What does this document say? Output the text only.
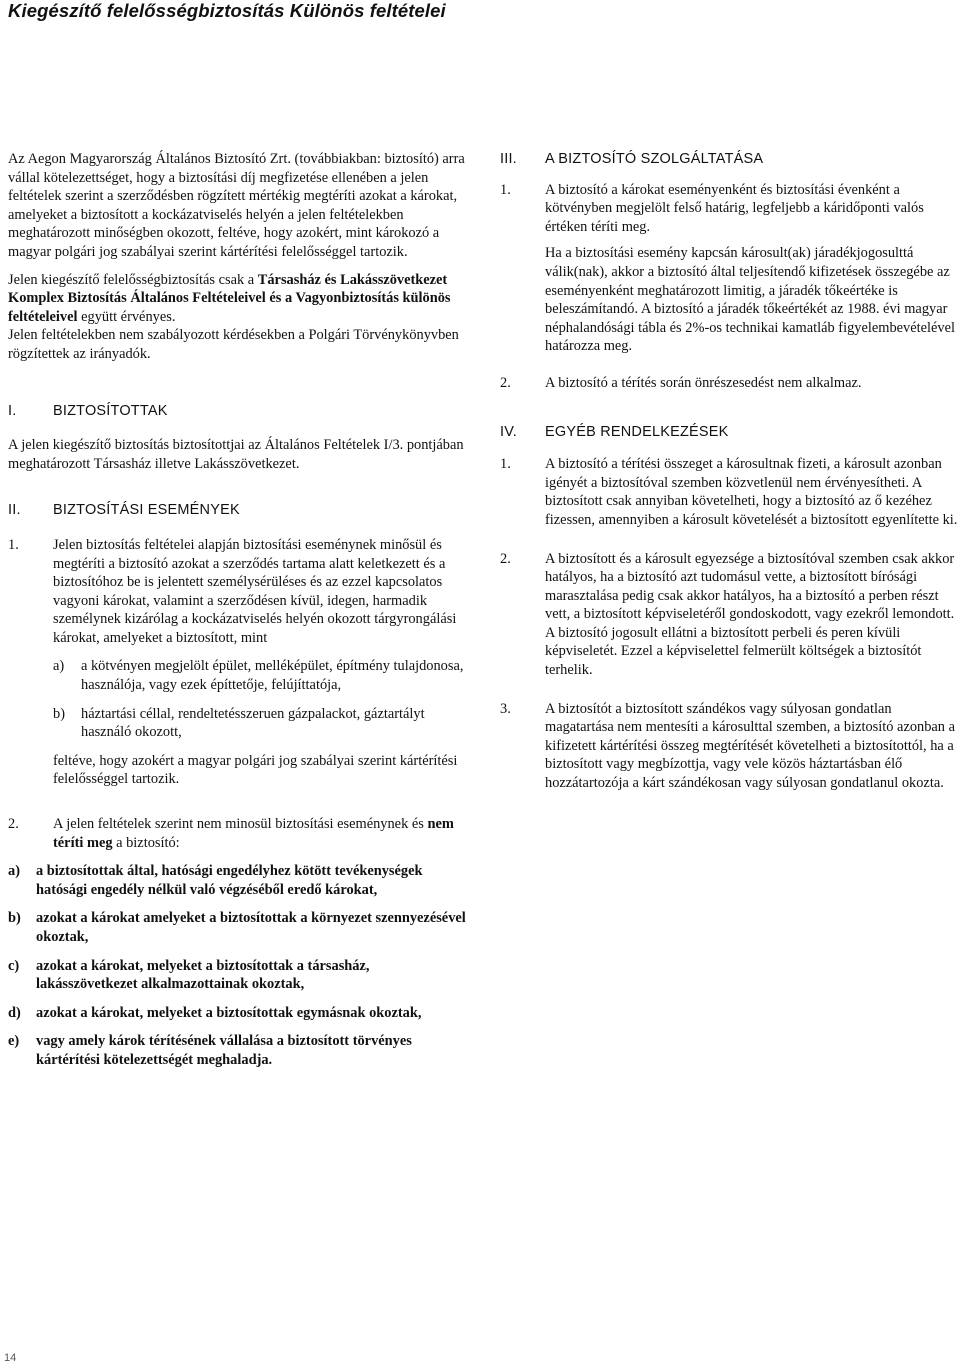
Kiegészítő felelősségbiztosítás Különös feltételei

Az Aegon Magyarország Általános Biztosító Zrt. (továbbiakban: biztosító) arra vállal kötelezettséget, hogy a biztosítási díj megfizetése ellenében a jelen feltételek szerint a szerződésben rögzített mértékig megtéríti azokat a károkat, amelyeket a biztosított a kockázatviselés helyén a jelen feltételekben meghatározott minőségben okozott, feltéve, hogy azokért, mint károkozó a magyar polgári jog szabályai szerint kártérítési felelősséggel tartozik.

Jelen kiegészítő felelősségbiztosítás csak a Társasház és Lakásszövetkezet Komplex Biztosítás Általános Feltételeivel és a Vagyonbiztosítás különös feltételeivel együtt érvényes.

Jelen feltételekben nem szabályozott kérdésekben a Polgári Törvénykönyvben rögzítettek az irányadók.

I.	BIZTOSÍTOTTAK

A jelen kiegészítő biztosítás biztosítottjai az Általános Feltételek I/3. pontjában meghatározott Társasház illetve Lakásszövetkezet.

II.	BIZTOSÍTÁSI ESEMÉNYEK
1.	Jelen biztosítás feltételei alapján biztosítási eseménynek minősül és megtéríti a biztosító azokat a szerződés tartama alatt keletkezett és a biztosítóhoz be is jelentett személysérüléses és az ezzel kapcsolatos vagyoni károkat, valamint a szerződésen kívül, idegen, harmadik személynek kizárólag a kockázatviselés helyén okozott tárgyrongálási károkat, amelyeket a biztosított, mint

a)	a kötvényen megjelölt épület, melléképület, építmény tulajdonosa, használója, vagy ezek építtetője, felújíttatója,
b)	háztartási céllal, rendeltetésszeruen gázpalackot, gáztartályt használó okozott,

feltéve, hogy azokért a magyar polgári jog szabályai szerint kártérítési felelősséggel tartozik.

2.	A jelen feltételek szerint nem minosül biztosítási eseménynek és nem téríti meg a biztosító:

a)	a biztosítottak által, hatósági engedélyhez kötött tevékenységek hatósági engedély nélkül való végzéséből eredő károkat,
b)	azokat a károkat amelyeket a biztosítottak a környezet szennyezésével okoztak,
c)	azokat a károkat, melyeket a biztosítottak a társasház, lakásszövetkezet alkalmazottainak okoztak,
d)	azokat a károkat, melyeket a biztosítottak egymásnak okoztak,
e)	vagy amely károk térítésének vállalása a biztosított törvényes kártérítési kötelezettségét meghaladja.
III.	A BIZTOSÍTÓ SZOLGÁLTATÁSA
1.	A biztosító a károkat eseményenként és biztosítási évenként a kötvényben megjelölt felső határig, legfeljebb a káridőponti valós értéken téríti meg.

Ha a biztosítási esemény kapcsán károsult(ak) járadékjogosulttá válik(nak), akkor a biztosító által teljesítendő kifizetések összegébe az eseményenként meghatározott limitig, a járadék tőkeértéke is beleszámítandó. A biztosító a járadék tőkeértékét az 1988. évi magyar néphalandósági tábla és 2%-os technikai kamatláb figyelembevételével határozza meg.

2.	A biztosító a térítés során önrészesedést nem alkalmaz.
IV.	EGYÉB RENDELKEZÉSEK
1.	A biztosító a térítési összeget a károsultnak fizeti, a károsult azonban igényét a biztosítóval szemben közvetlenül nem érvényesítheti. A biztosított csak annyiban követelheti, hogy a biztosító az ő kezéhez fizessen, amennyiben a károsult követelését a biztosított egyenlítette ki.
2.	A biztosított és a károsult egyezsége a biztosítóval szemben csak akkor hatályos, ha a biztosító azt tudomásul vette, a biztosított bírósági marasztalása pedig csak akkor hatályos, ha a biztosító a perben részt vett, a biztosított képviseletéről gondoskodott, vagy ezekről lemondott. A biztosító jogosult ellátni a biztosított perbeli és peren kívüli képviseletét. Ezzel a képviselettel felmerült költségek a biztosítót terhelik.
3.	A biztosítót a biztosított szándékos vagy súlyosan gondatlan magatartása nem mentesíti a károsulttal szemben, a biztosító azonban a kifizetett kártérítési összeg megtérítését követelheti a biztosítottól, ha a biztosított vagy megbízottja, vagy vele közös háztartásban élő hozzátartozója a kárt szándékosan vagy súlyosan gondatlanul okozta.
14
